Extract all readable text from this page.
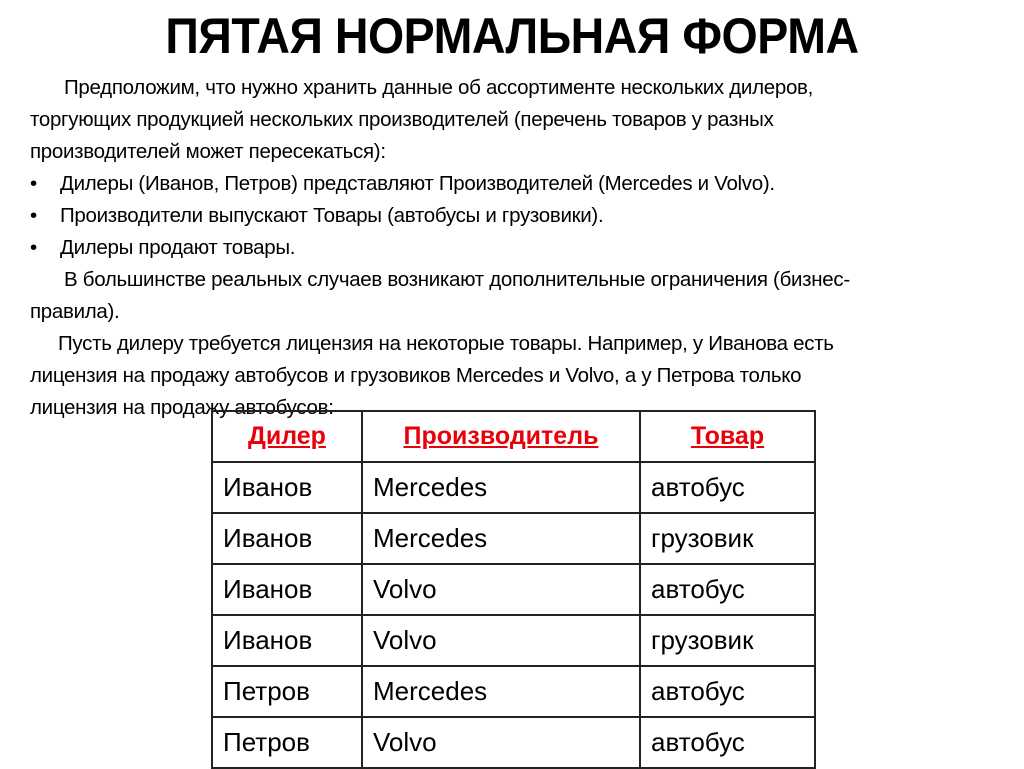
ПЯТАЯ НОРМАЛЬНАЯ ФОРМА
Предположим, что нужно хранить данные об ассортименте нескольких дилеров,
торгующих продукцией нескольких производителей (перечень товаров у разных
производителей может пересекаться):
• Дилеры (Иванов, Петров) представляют Производителей (Mercedes и Volvo).
• Производители выпускают Товары (автобусы и грузовики).
• Дилеры продают товары.
В большинстве реальных случаев возникают дополнительные ограничения (бизнес-
правила).
Пусть дилеру требуется лицензия на некоторые товары. Например, у Иванова есть
лицензия на продажу автобусов и грузовиков Mercedes и Volvo, а у Петрова только
лицензия на продажу автобусов:
Дилер	Производитель	Товар
Иванов	Mercedes	автобус
Иванов	Mercedes	грузовик
Иванов	Volvo	автобус
Иванов	Volvo	грузовик
Петров	Mercedes	автобус
Петров	Volvo	автобус
